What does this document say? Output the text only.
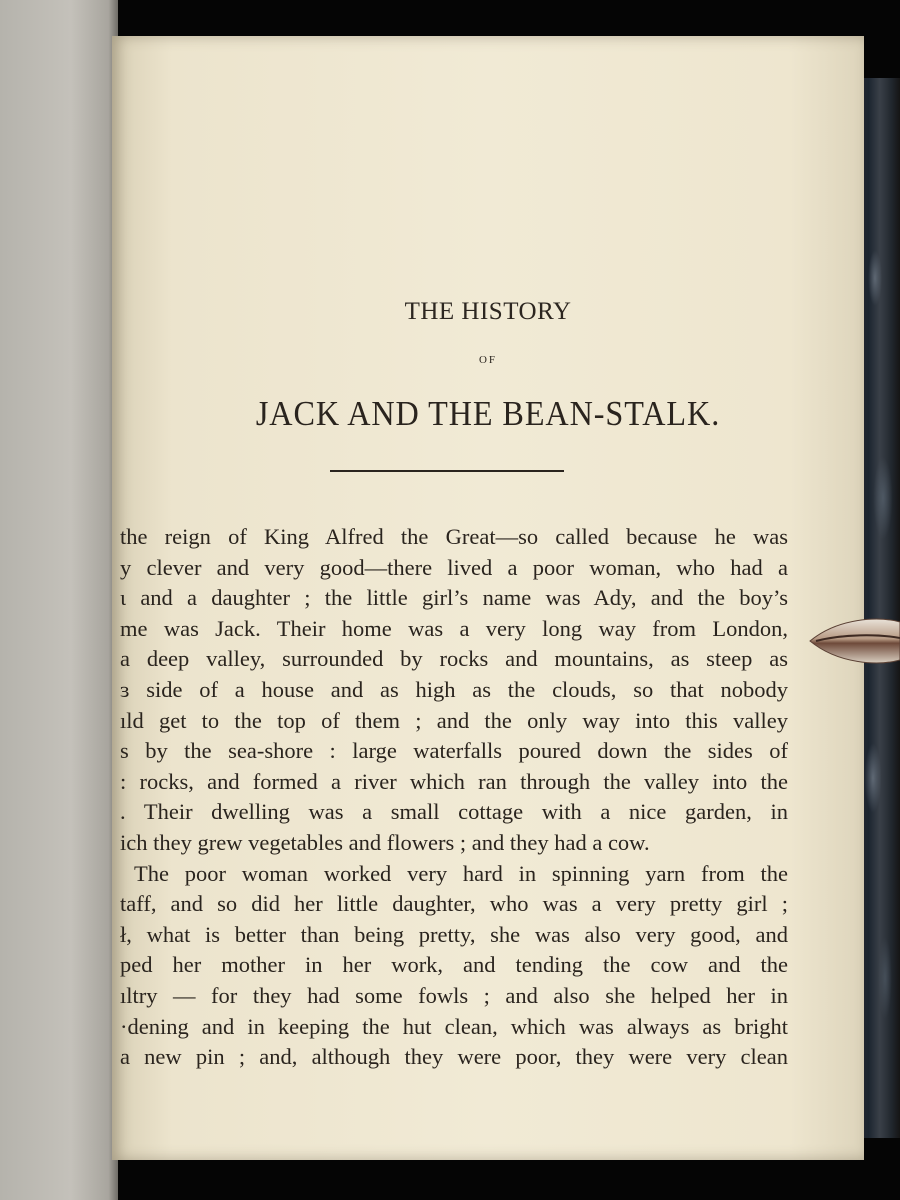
THE HISTORY
OF
JACK AND THE BEAN-STALK.
the reign of King Alfred the Great—so called because he was
y clever and very good—there lived a poor woman, who had a
ι and a daughter ; the little girl’s name was Ady, and the boy’s
me was Jack. Their home was a very long way from London,
a deep valley, surrounded by rocks and mountains, as steep as
ɜ side of a house and as high as the clouds, so that nobody
ıld get to the top of them ; and the only way into this valley
s by the sea-shore : large waterfalls poured down the sides of
: rocks, and formed a river which ran through the valley into the
. Their dwelling was a small cottage with a nice garden, in
ich they grew vegetables and flowers ; and they had a cow.
The poor woman worked very hard in spinning yarn from the
taff, and so did her little daughter, who was a very pretty girl ;
ł, what is better than being pretty, she was also very good, and
ped her mother in her work, and tending the cow and the
ıltry — for they had some fowls ; and also she helped her in
·dening and in keeping the hut clean, which was always as bright
a new pin ; and, although they were poor, they were very clean
